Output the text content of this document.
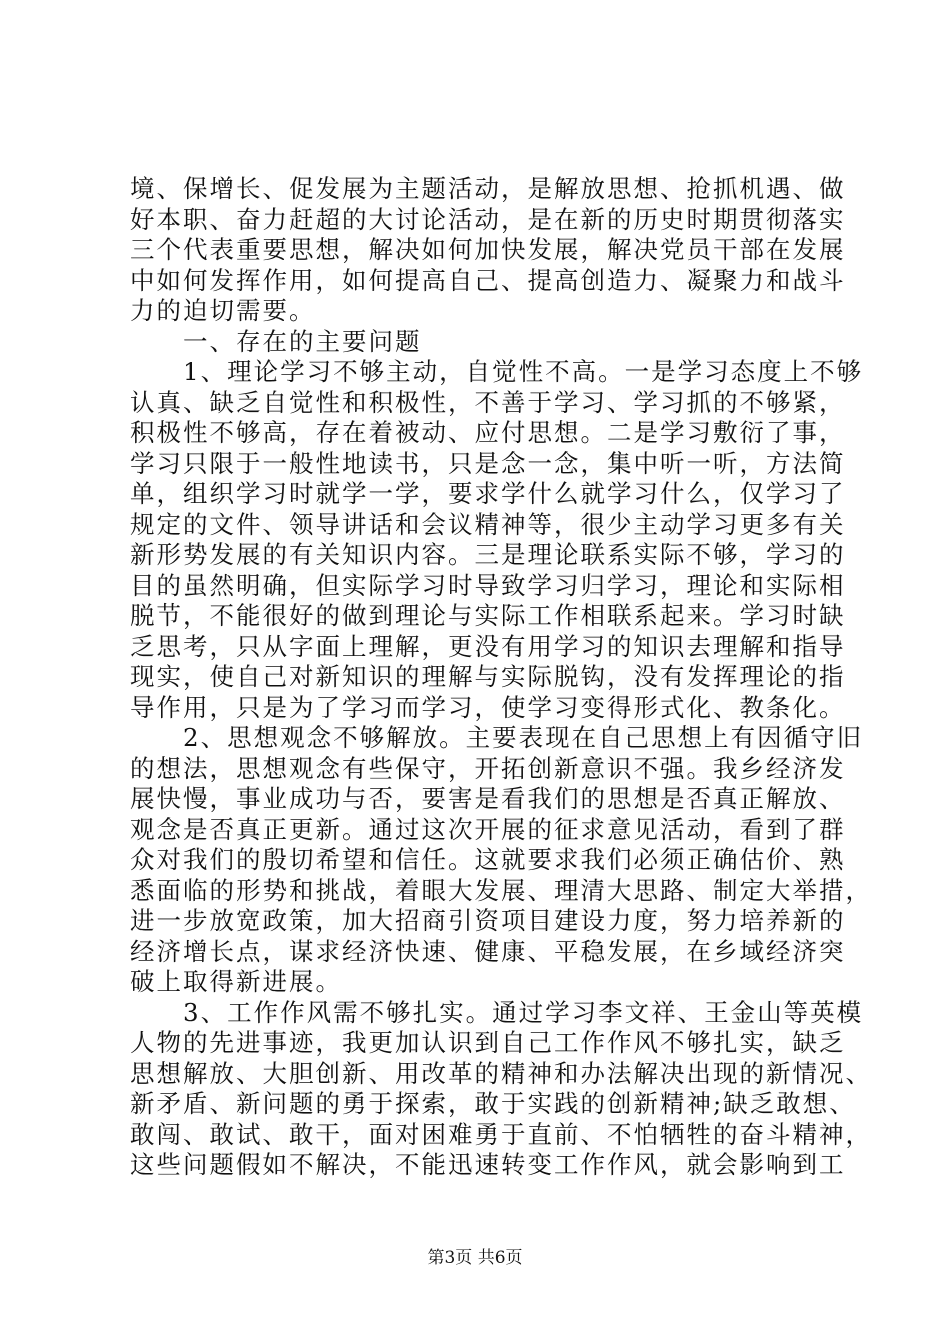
境、保增长、促发展为主题活动，是解放思想、抢抓机遇、做
好本职、奋力赶超的大讨论活动，是在新的历史时期贯彻落实
三个代表重要思想，解决如何加快发展，解决党员干部在发展
中如何发挥作用，如何提高自己、提高创造力、凝聚力和战斗
力的迫切需要。
一、存在的主要问题
1、理论学习不够主动，自觉性不高。一是学习态度上不够
认真、缺乏自觉性和积极性，不善于学习、学习抓的不够紧，
积极性不够高，存在着被动、应付思想。二是学习敷衍了事，
学习只限于一般性地读书，只是念一念，集中听一听，方法简
单，组织学习时就学一学，要求学什么就学习什么，仅学习了
规定的文件、领导讲话和会议精神等，很少主动学习更多有关
新形势发展的有关知识内容。三是理论联系实际不够，学习的
目的虽然明确，但实际学习时导致学习归学习，理论和实际相
脱节，不能很好的做到理论与实际工作相联系起来。学习时缺
乏思考，只从字面上理解，更没有用学习的知识去理解和指导
现实，使自己对新知识的理解与实际脱钩，没有发挥理论的指
导作用，只是为了学习而学习，使学习变得形式化、教条化。
2、思想观念不够解放。主要表现在自己思想上有因循守旧
的想法，思想观念有些保守，开拓创新意识不强。我乡经济发
展快慢，事业成功与否，要害是看我们的思想是否真正解放、
观念是否真正更新。通过这次开展的征求意见活动，看到了群
众对我们的殷切希望和信任。这就要求我们必须正确估价、熟
悉面临的形势和挑战，着眼大发展、理清大思路、制定大举措，
进一步放宽政策，加大招商引资项目建设力度，努力培养新的
经济增长点，谋求经济快速、健康、平稳发展，在乡域经济突
破上取得新进展。
3、工作作风需不够扎实。通过学习李文祥、王金山等英模
人物的先进事迹，我更加认识到自己工作作风不够扎实，缺乏
思想解放、大胆创新、用改革的精神和办法解决出现的新情况、
新矛盾、新问题的勇于探索，敢于实践的创新精神;缺乏敢想、
敢闯、敢试、敢干，面对困难勇于直前、不怕牺牲的奋斗精神，
这些问题假如不解决，不能迅速转变工作作风，就会影响到工
第3页 共6页
